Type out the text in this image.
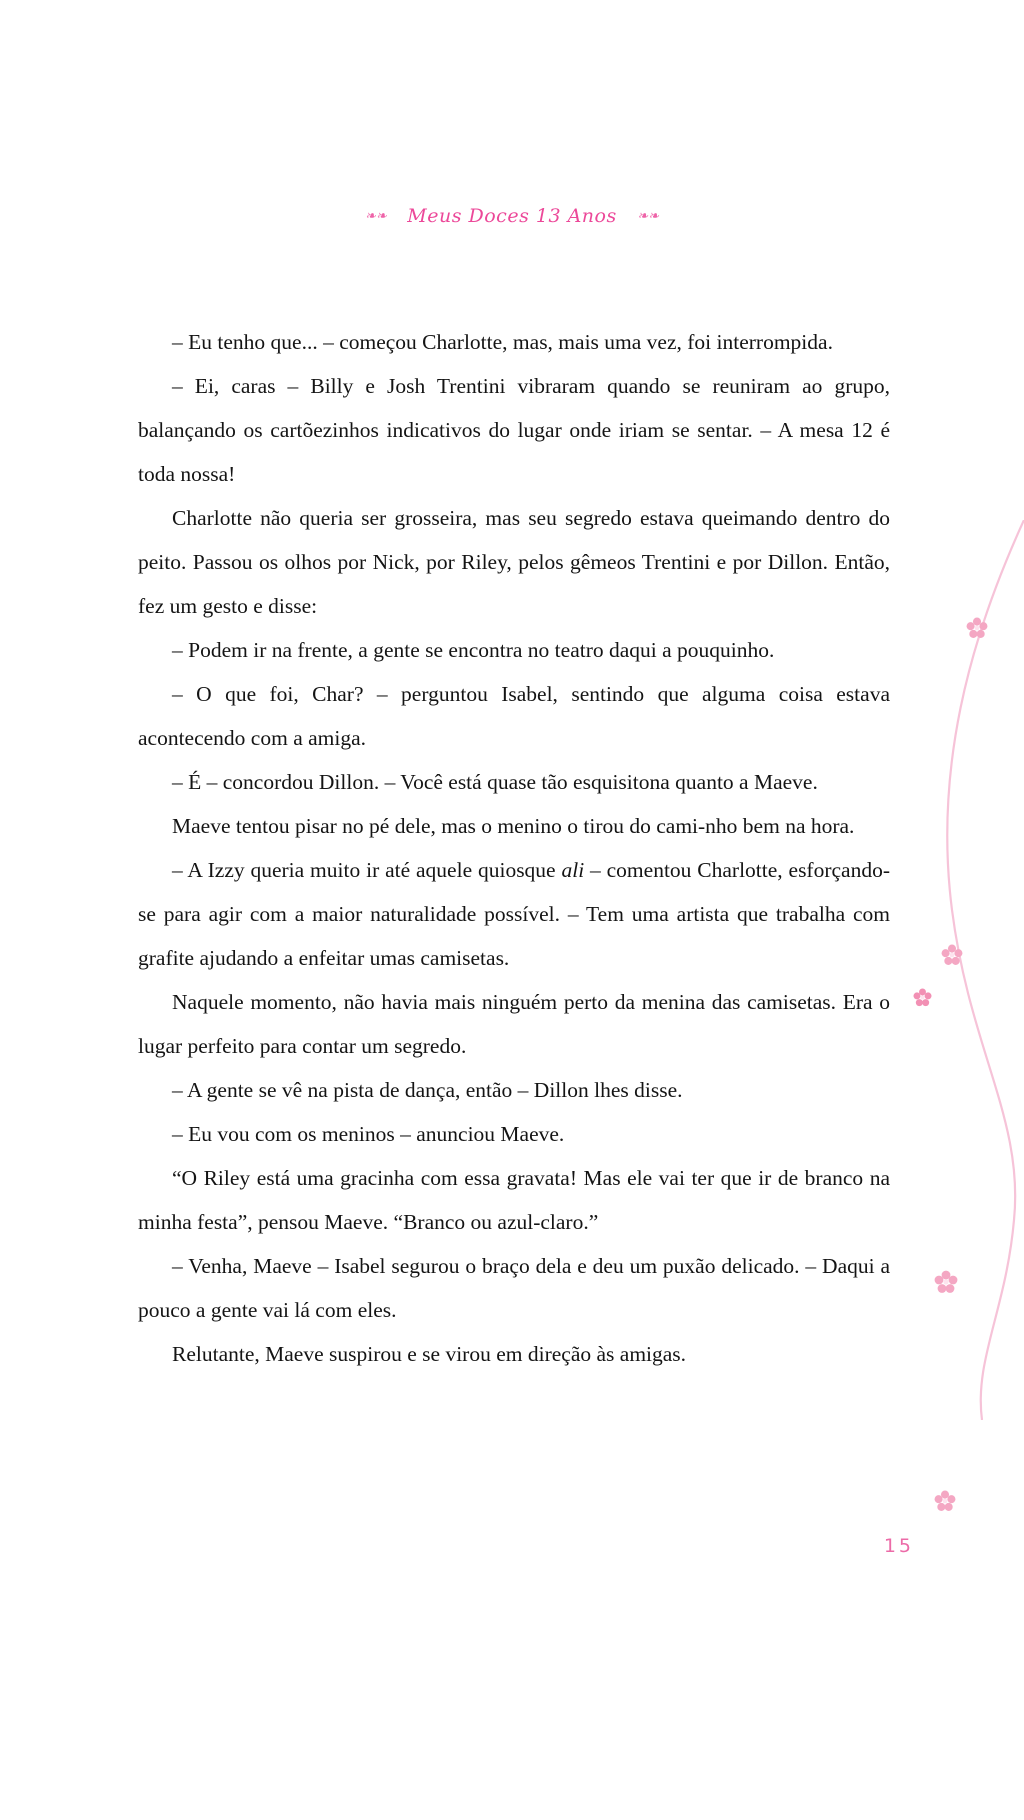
❧❧ Meus Doces 13 Anos ❧❧

– Eu tenho que... – começou Charlotte, mas, mais uma vez, foi interrompida.

– Ei, caras – Billy e Josh Trentini vibraram quando se reuniram ao grupo, balançando os cartõezinhos indicativos do lugar onde iriam se sentar. – A mesa 12 é toda nossa!

Charlotte não queria ser grosseira, mas seu segredo estava queimando dentro do peito. Passou os olhos por Nick, por Riley, pelos gêmeos Trentini e por Dillon. Então, fez um gesto e disse:

– Podem ir na frente, a gente se encontra no teatro daqui a pouquinho.

– O que foi, Char? – perguntou Isabel, sentindo que alguma coisa estava acontecendo com a amiga.

– É – concordou Dillon. – Você está quase tão esquisitona quanto a Maeve.

Maeve tentou pisar no pé dele, mas o menino o tirou do cami-nho bem na hora.

– A Izzy queria muito ir até aquele quiosque ali – comentou Charlotte, esforçando-se para agir com a maior naturalidade possível. – Tem uma artista que trabalha com grafite ajudando a enfeitar umas camisetas.

Naquele momento, não havia mais ninguém perto da menina das camisetas. Era o lugar perfeito para contar um segredo.

– A gente se vê na pista de dança, então – Dillon lhes disse.

– Eu vou com os meninos – anunciou Maeve.

“O Riley está uma gracinha com essa gravata! Mas ele vai ter que ir de branco na minha festa”, pensou Maeve. “Branco ou azul-claro.”

– Venha, Maeve – Isabel segurou o braço dela e deu um puxão delicado. – Daqui a pouco a gente vai lá com eles.

Relutante, Maeve suspirou e se virou em direção às amigas.

15
